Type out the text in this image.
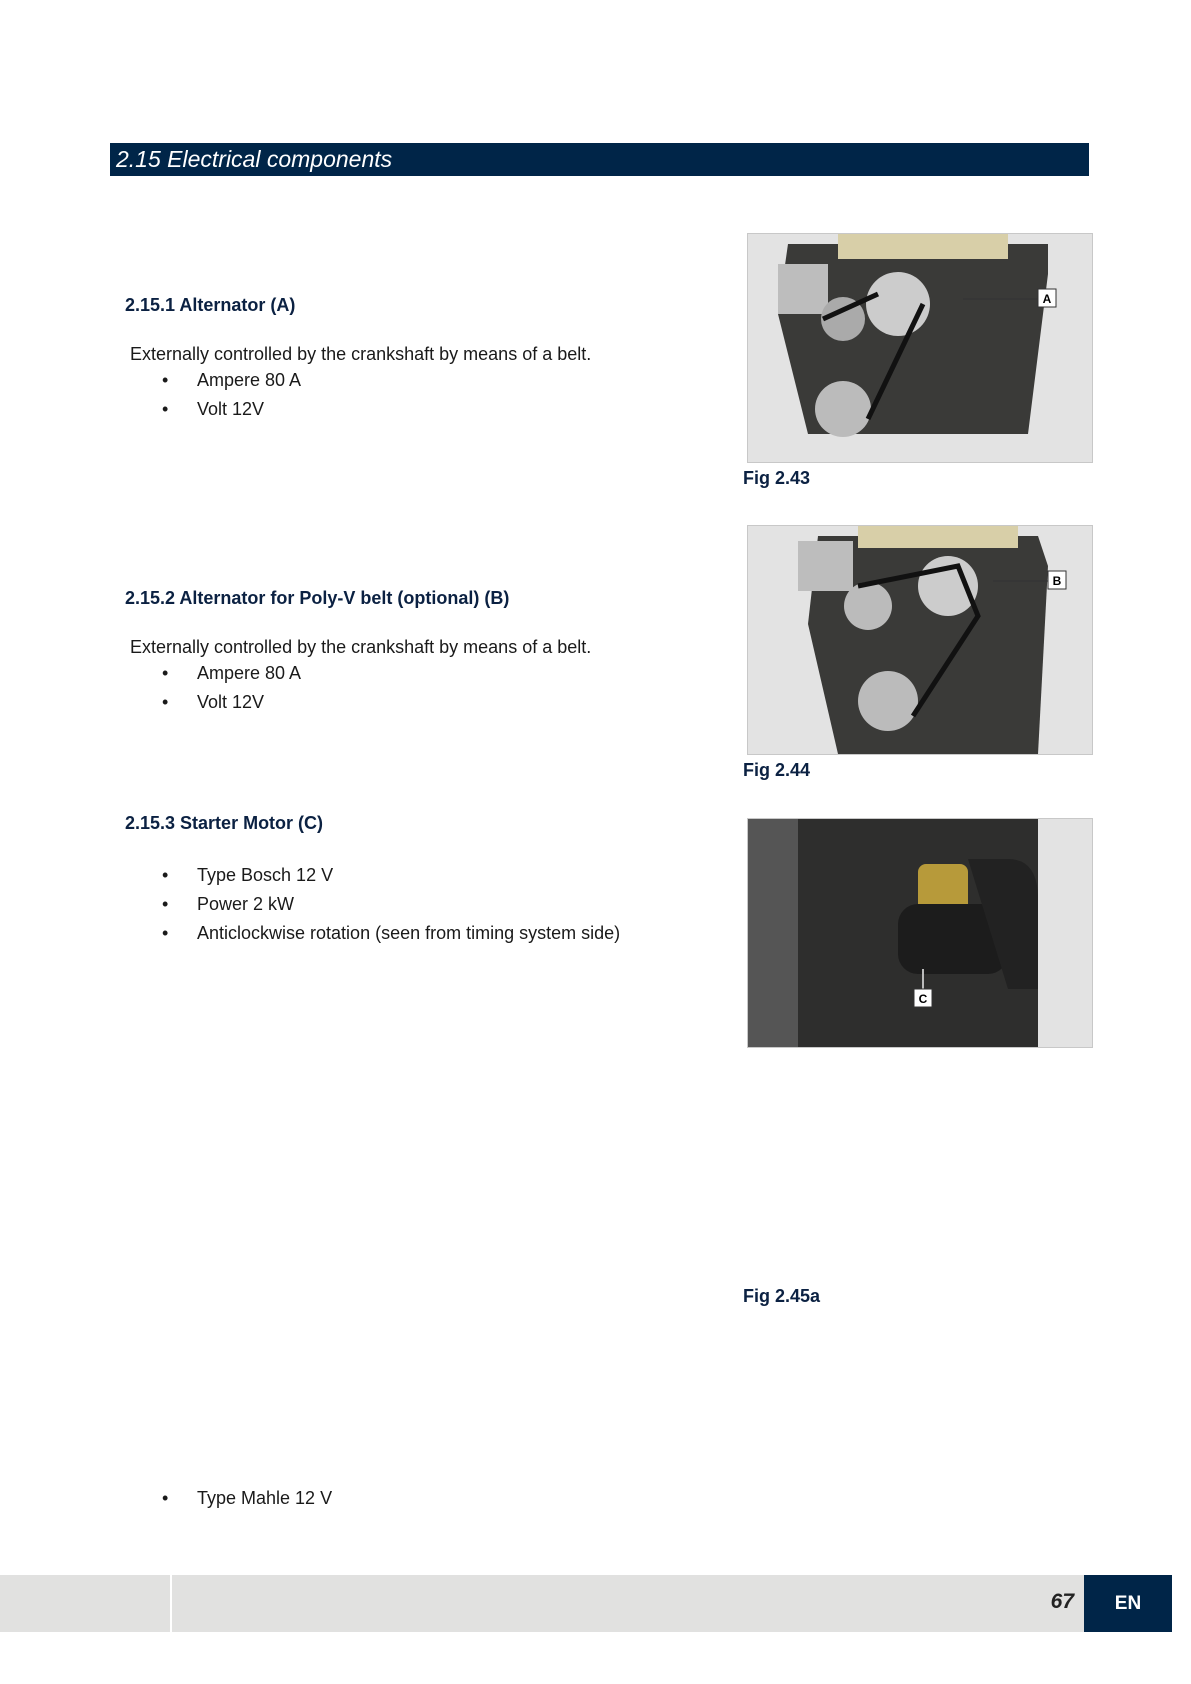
2.15 Electrical components
2.15.1 Alternator (A)
Externally controlled by the crankshaft by means of a belt.
• Ampere 80 A
• Volt 12V
A
Fig 2.43
2.15.2 Alternator for Poly-V belt (optional) (B)
Externally controlled by the crankshaft by means of a belt.
• Ampere 80 A
• Volt 12V
B
Fig 2.44
2.15.3 Starter Motor (C)
• Type Bosch 12 V
• Power 2 kW
• Anticlockwise rotation (seen from timing system side)
C
Fig 2.45a
• Type Mahle 12 V
67	EN
